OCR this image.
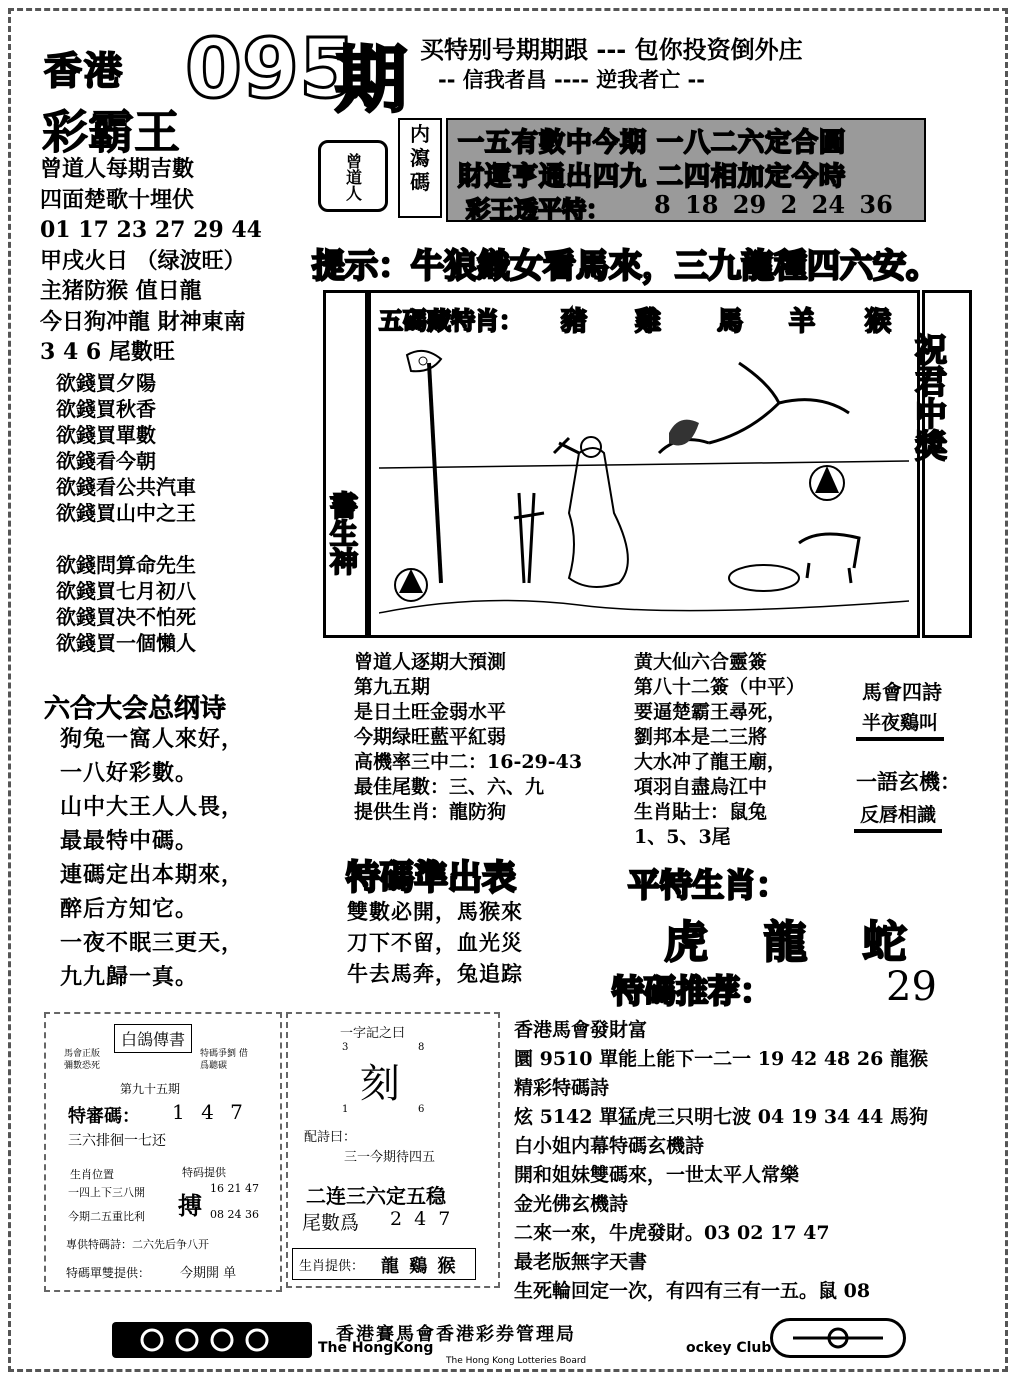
香港 095
期
彩霸王
买特别号期期跟 --- 包你投资倒外庄
-- 信我者昌 ---- 逆我者亡 --
曾道人每期吉數
四面楚歌十埋伏
01 17 23 27 29 44
甲戌火日 （绿波旺）
主猪防猴 值日龍
今日狗冲龍 財神東南
3 4 6 尾數旺
内瀉碼
曾道人
一五有數中今期 一八二六定合圓
財運亨通出四九 二四相加定今時
彩王透平特： 8 18 29 2 24 36
提示：牛狼織女看馬來，三九龍種四六安。
書生神
五碼藏特肖： 豬 雞 馬 羊 猴
祝君中獎
欲錢買夕陽
欲錢買秋香
欲錢買單數
欲錢看今朝
欲錢看公共汽車
欲錢買山中之王
欲錢問算命先生
欲錢買七月初八
欲錢買决不怕死
欲錢買一個懶人
六合大会总纲诗
狗兔一窩人來好，
一八好彩數。
山中大王人人畏，
最最特中碼。
連碼定出本期來，
醉后方知它。
一夜不眠三更天，
九九歸一真。
曾道人逐期大預測
第九五期
是日土旺金弱水平
今期绿旺藍平紅弱
高機率三中二：16-29-43
最佳尾數：三、六、九
提供生肖：龍防狗
黄大仙六合靈簽
第八十二簽（中平）
要逼楚霸王尋死，
劉邦本是二三將
大水冲了龍王廟，
項羽自盡烏江中
生肖貼士：鼠兔
1、5、3尾
馬會四詩
半夜鷄叫
一語玄機：
反唇相識
特碼準出表
雙數必開，馬猴來
刀下不留，血光災
牛去馬奔，兔追踪
平特生肖：
虎 龍 蛇
特碼推荐：	29
白鴿傳書
馬會正版 彌數恐死
特碼爭劉 借爲聽碳
第九十五期
特審碼： 1 4 7
三六排徊一七还
生肖位置
一四上下三八開
今期二五重比利
特码提供
搏
16 21 47
08 24 36
專供特碼詩：二六先后争八开
特碼單雙提供： 今期開 单
一字記之曰
3	8
刻
1	6
配詩曰：
三一今期待四五
二连三六定五稳
尾數爲 2 4 7
生肖提供： 龍 鷄 猴
香港馬會發財富
圜 9510 單能上能下一二一 19 42 48 26 龍猴
精彩特碼詩
炫 5142 單猛虎三只明七波 04 19 34 44 馬狗
白小姐内幕特碼玄機詩
開和姐妹雙碼來，一世太平人常樂
金光佛玄機詩
二來一來，牛虎發財。03 02 17 47
最老版無字天書
生死輪回定一次，有四有三有一五。鼠 08
香港賽馬會香港彩券管理局
The HongKong	ockey Club
The Hong Kong Lotteries Board
